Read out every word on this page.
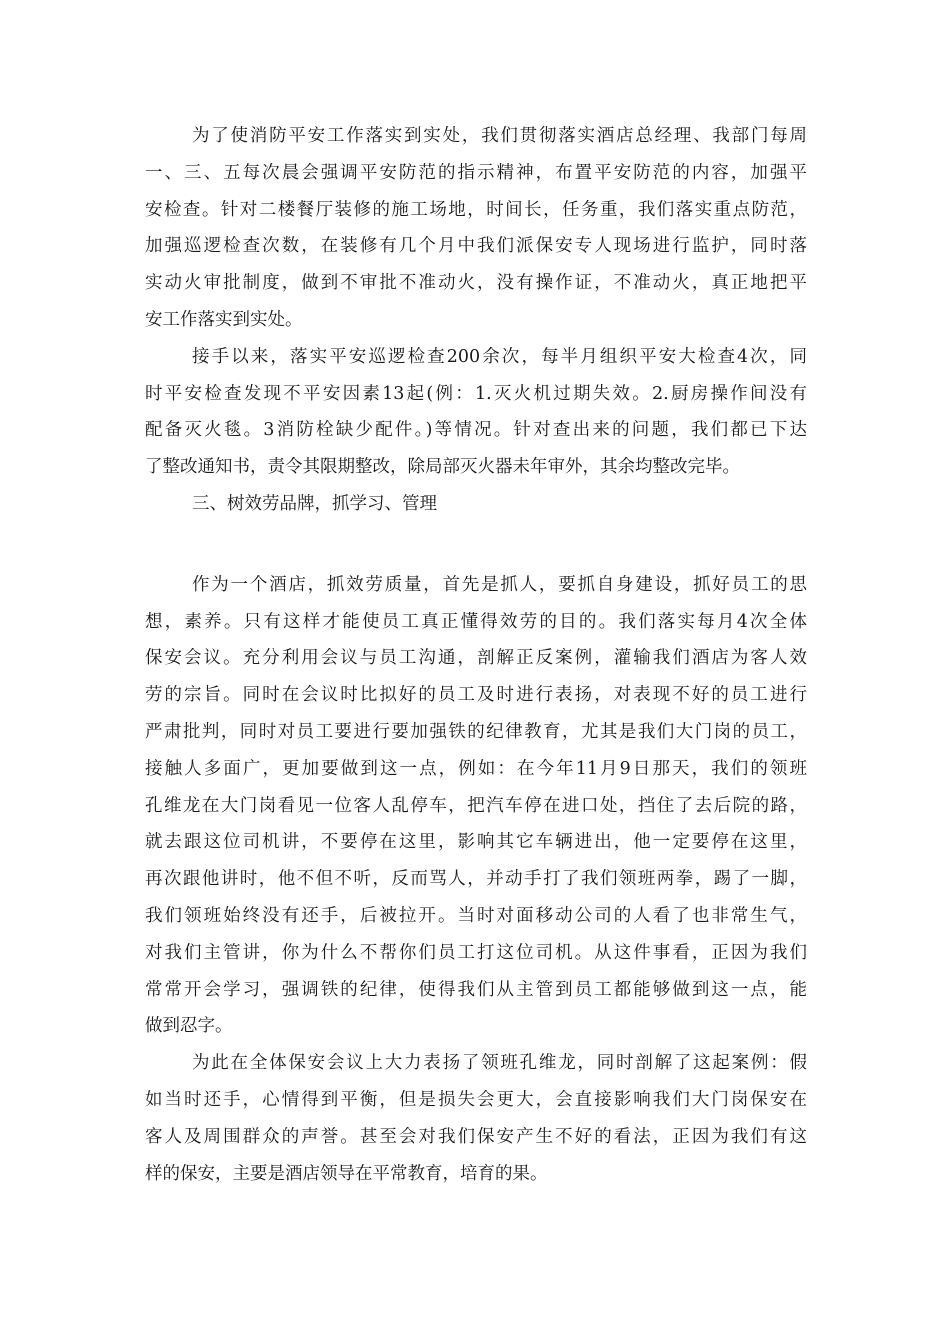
为了使消防平安工作落实到实处，我们贯彻落实酒店总经理、我部门每周
一、三、五每次晨会强调平安防范的指示精神，布置平安防范的内容，加强平
安检查。针对二楼餐厅装修的施工场地，时间长，任务重，我们落实重点防范，
加强巡逻检查次数，在装修有几个月中我们派保安专人现场进行监护，同时落
实动火审批制度，做到不审批不准动火，没有操作证，不准动火，真正地把平
安工作落实到实处。
接手以来，落实平安巡逻检查200余次，每半月组织平安大检查4次，同
时平安检查发现不平安因素13起(例：1.灭火机过期失效。2.厨房操作间没有
配备灭火毯。3消防栓缺少配件。)等情况。针对查出来的问题，我们都已下达
了整改通知书，责令其限期整改，除局部灭火器未年审外，其余均整改完毕。
三、树效劳品牌，抓学习、管理
作为一个酒店，抓效劳质量，首先是抓人，要抓自身建设，抓好员工的思
想，素养。只有这样才能使员工真正懂得效劳的目的。我们落实每月4次全体
保安会议。充分利用会议与员工沟通，剖解正反案例，灌输我们酒店为客人效
劳的宗旨。同时在会议时比拟好的员工及时进行表扬，对表现不好的员工进行
严肃批判，同时对员工要进行要加强铁的纪律教育，尤其是我们大门岗的员工，
接触人多面广，更加要做到这一点，例如：在今年11月9日那天，我们的领班
孔维龙在大门岗看见一位客人乱停车，把汽车停在进口处，挡住了去后院的路，
就去跟这位司机讲，不要停在这里，影响其它车辆进出，他一定要停在这里，
再次跟他讲时，他不但不听，反而骂人，并动手打了我们领班两拳，踢了一脚，
我们领班始终没有还手，后被拉开。当时对面移动公司的人看了也非常生气，
对我们主管讲，你为什么不帮你们员工打这位司机。从这件事看，正因为我们
常常开会学习，强调铁的纪律，使得我们从主管到员工都能够做到这一点，能
做到忍字。
为此在全体保安会议上大力表扬了领班孔维龙，同时剖解了这起案例：假
如当时还手，心情得到平衡，但是损失会更大，会直接影响我们大门岗保安在
客人及周围群众的声誉。甚至会对我们保安产生不好的看法，正因为我们有这
样的保安，主要是酒店领导在平常教育，培育的果。
